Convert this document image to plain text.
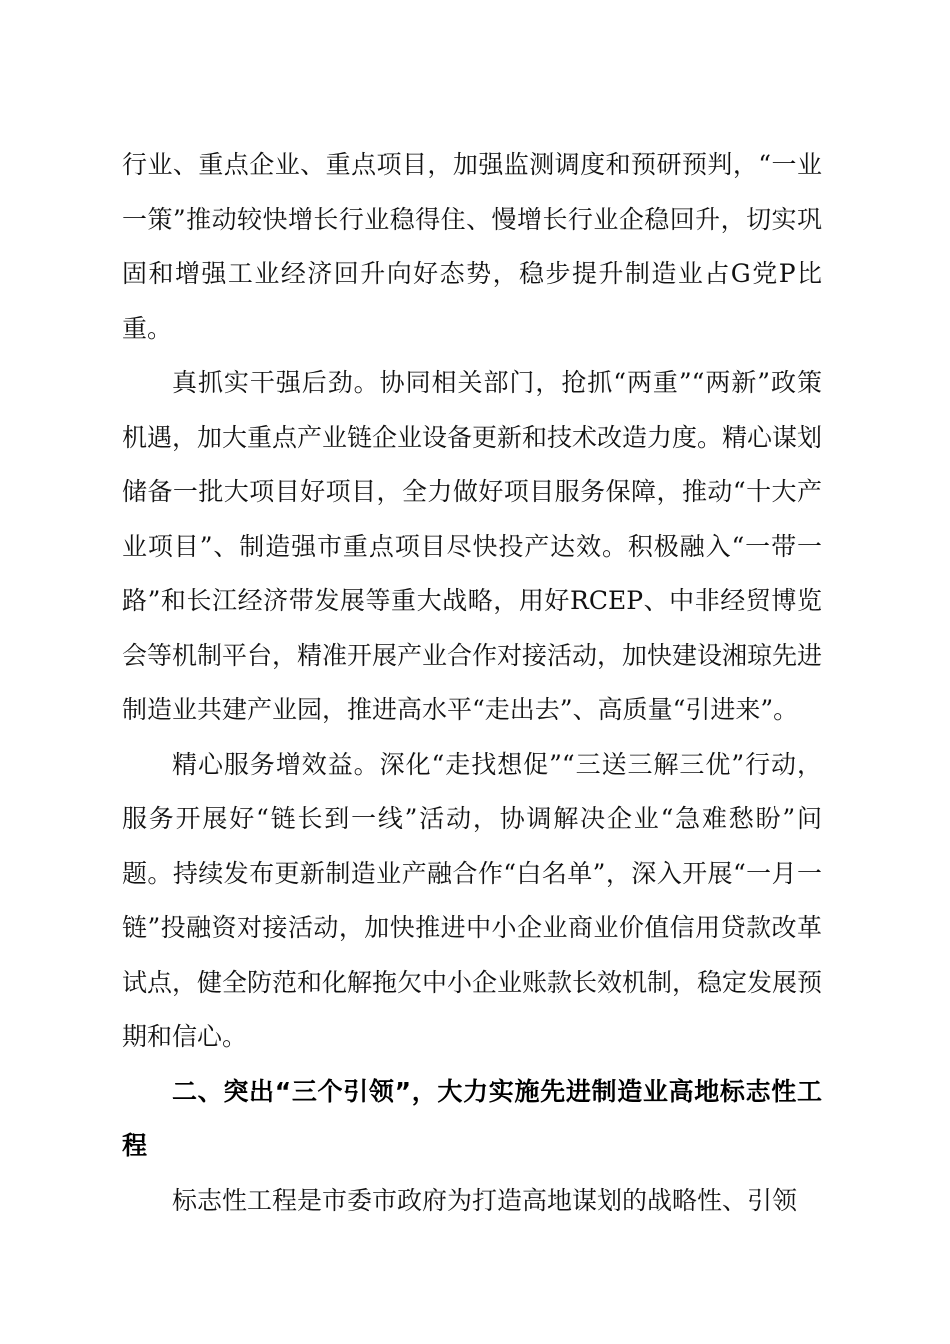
行业、重点企业、重点项目，加强监测调度和预研预判，“一业一策”推动较快增长行业稳得住、慢增长行业企稳回升，切实巩固和增强工业经济回升向好态势，稳步提升制造业占G党P比重。

真抓实干强后劲。协同相关部门，抢抓“两重”“两新”政策机遇，加大重点产业链企业设备更新和技术改造力度。精心谋划储备一批大项目好项目，全力做好项目服务保障，推动“十大产业项目”、制造强市重点项目尽快投产达效。积极融入“一带一路”和长江经济带发展等重大战略，用好RCEP、中非经贸博览会等机制平台，精准开展产业合作对接活动，加快建设湘琼先进制造业共建产业园，推进高水平“走出去”、高质量“引进来”。

精心服务增效益。深化“走找想促”“三送三解三优”行动，服务开展好“链长到一线”活动，协调解决企业“急难愁盼”问题。持续发布更新制造业产融合作“白名单”，深入开展“一月一链”投融资对接活动，加快推进中小企业商业价值信用贷款改革试点，健全防范和化解拖欠中小企业账款长效机制，稳定发展预期和信心。

二、突出“三个引领”，大力实施先进制造业高地标志性工程

标志性工程是市委市政府为打造高地谋划的战略性、引领
